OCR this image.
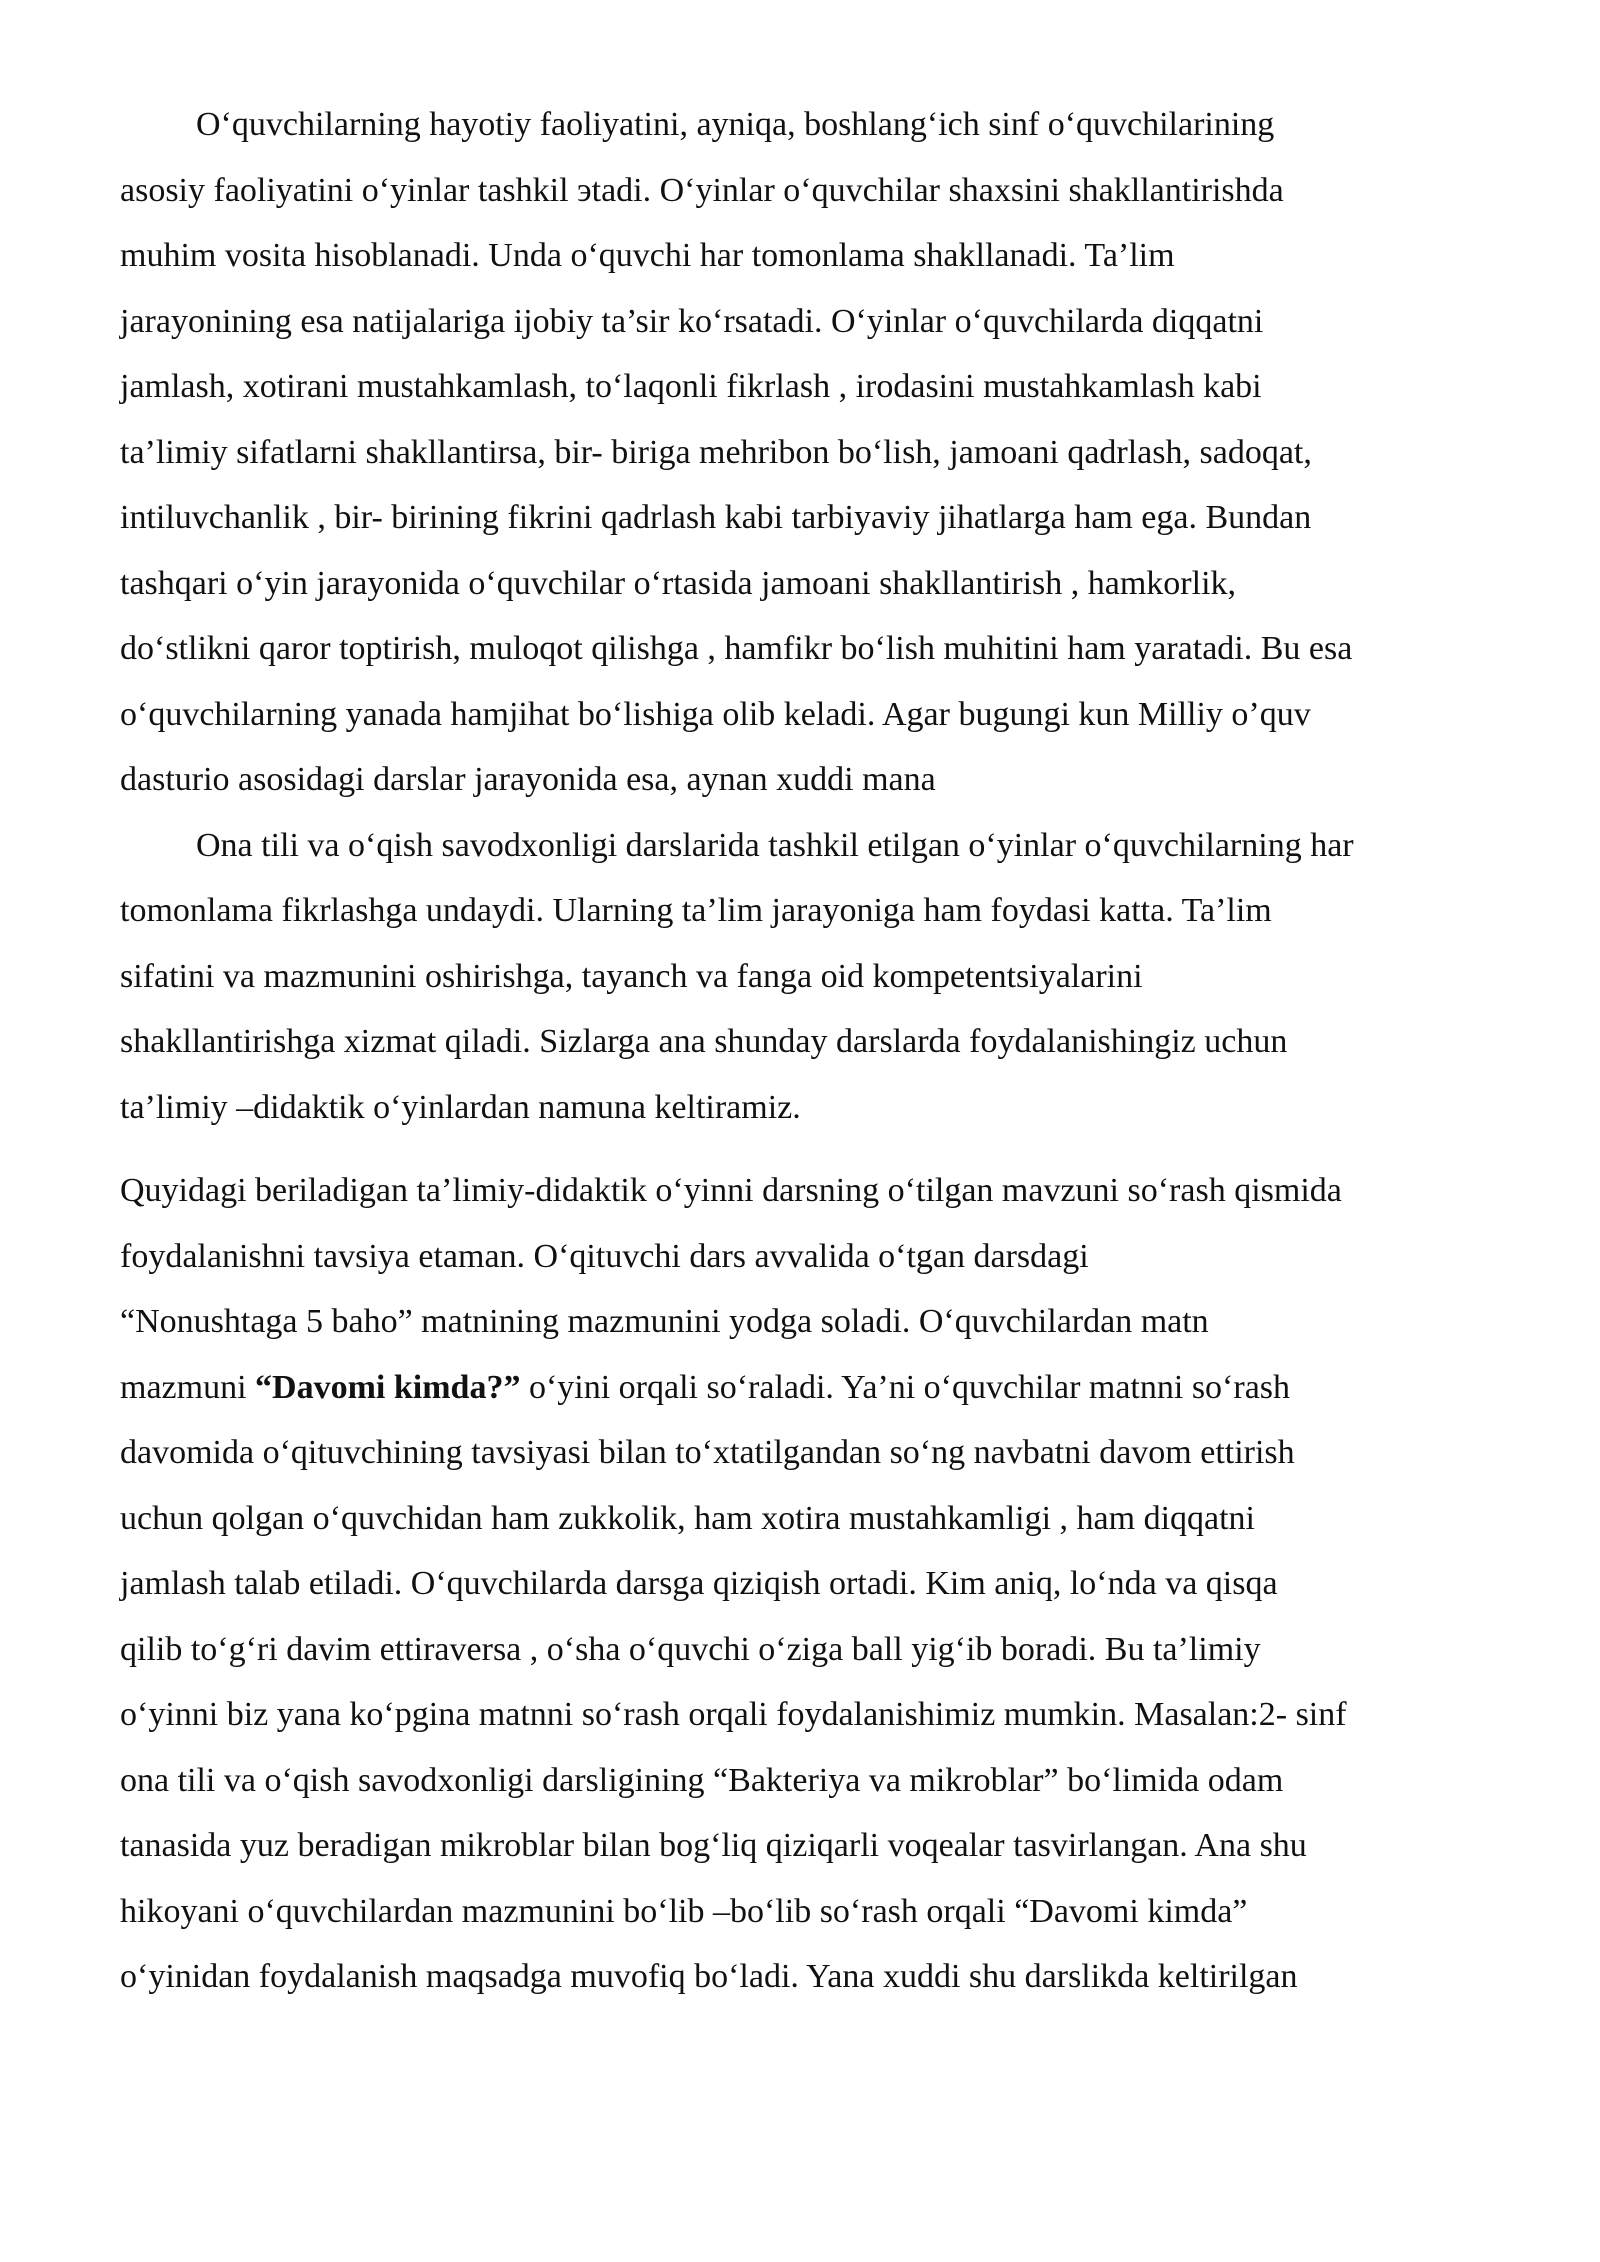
Oʻquvchilarning hayotiy faoliyatini, ayniqa, boshlangʻich sinf oʻquvchilarining
asosiy faoliyatini oʻyinlar tashkil эtadi. Oʻyinlar oʻquvchilar shaxsini shakllantirishda
muhim vosita hisoblanadi. Unda oʻquvchi har tomonlama shakllanadi. Ta’lim
jarayonining esa natijalariga ijobiy ta’sir koʻrsatadi. Oʻyinlar oʻquvchilarda diqqatni
jamlash, xotirani mustahkamlash, toʻlaqonli fikrlash , irodasini mustahkamlash kabi
ta’limiy sifatlarni shakllantirsa, bir- biriga mehribon boʻlish, jamoani qadrlash, sadoqat,
intiluvchanlik , bir- birining fikrini qadrlash kabi tarbiyaviy jihatlarga ham ega. Bundan
tashqari oʻyin jarayonida oʻquvchilar oʻrtasida jamoani shakllantirish , hamkorlik,
doʻstlikni qaror toptirish, muloqot qilishga , hamfikr boʻlish muhitini ham yaratadi. Bu esa
oʻquvchilarning yanada hamjihat boʻlishiga olib keladi. Agar bugungi kun Milliy o’quv
dasturio asosidagi darslar jarayonida esa, aynan xuddi mana
Ona tili va oʻqish savodxonligi darslarida tashkil etilgan oʻyinlar oʻquvchilarning har
tomonlama fikrlashga undaydi. Ularning ta’lim jarayoniga ham foydasi katta. Ta’lim
sifatini va mazmunini oshirishga, tayanch va fanga oid kompetentsiyalarini
shakllantirishga xizmat qiladi. Sizlarga ana shunday darslarda foydalanishingiz uchun
ta’limiy –didaktik oʻyinlardan namuna keltiramiz.
Quyidagi beriladigan ta’limiy-didaktik oʻyinni darsning oʻtilgan mavzuni soʻrash qismida
foydalanishni tavsiya etaman. Oʻqituvchi dars avvalida oʻtgan darsdagi
“Nonushtaga 5 baho” matnining mazmunini yodga soladi. Oʻquvchilardan matn
mazmuni “Davomi kimda?” oʻyini orqali soʻraladi. Ya’ni oʻquvchilar matnni soʻrash
davomida oʻqituvchining tavsiyasi bilan toʻxtatilgandan soʻng navbatni davom ettirish
uchun qolgan oʻquvchidan ham zukkolik, ham xotira mustahkamligi , ham diqqatni
jamlash talab etiladi. Oʻquvchilarda darsga qiziqish ortadi. Kim aniq, loʻnda va qisqa
qilib toʻgʻri davim ettiraversa , oʻsha oʻquvchi oʻziga ball yigʻib boradi. Bu ta’limiy
oʻyinni biz yana koʻpgina matnni soʻrash orqali foydalanishimiz mumkin. Masalan:2- sinf
ona tili va oʻqish savodxonligi darsligining “Bakteriya va mikroblar” boʻlimida odam
tanasida yuz beradigan mikroblar bilan bogʻliq qiziqarli voqealar tasvirlangan. Ana shu
hikoyani oʻquvchilardan mazmunini boʻlib –boʻlib soʻrash orqali “Davomi kimda”
oʻyinidan foydalanish maqsadga muvofiq boʻladi. Yana xuddi shu darslikda keltirilgan
